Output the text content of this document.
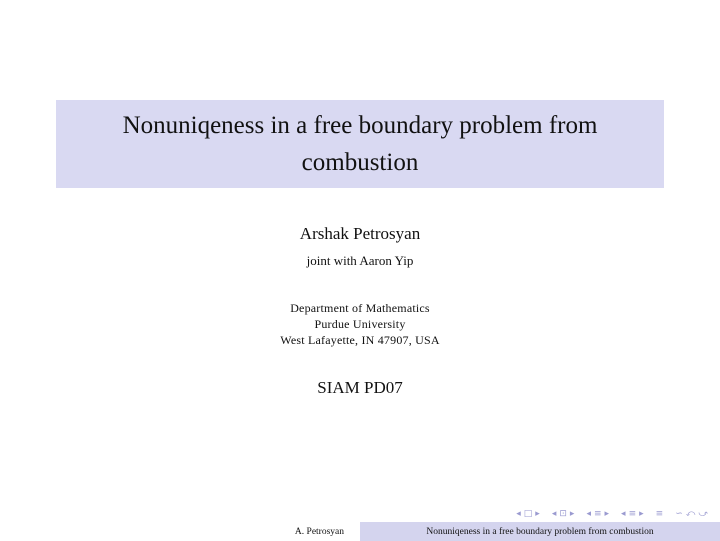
Nonuniqeness in a free boundary problem from combustion
Arshak Petrosyan
joint with Aaron Yip
Department of Mathematics
Purdue University
West Lafayette, IN 47907, USA
SIAM PD07
◂ □ ▸ ◂ ⊡ ▸ ◂ ≡ ▸ ◂ ≡ ▸ ≡ ∽ ⤺ ⤻
A. Petrosyan	Nonuniqeness in a free boundary problem from combustion
